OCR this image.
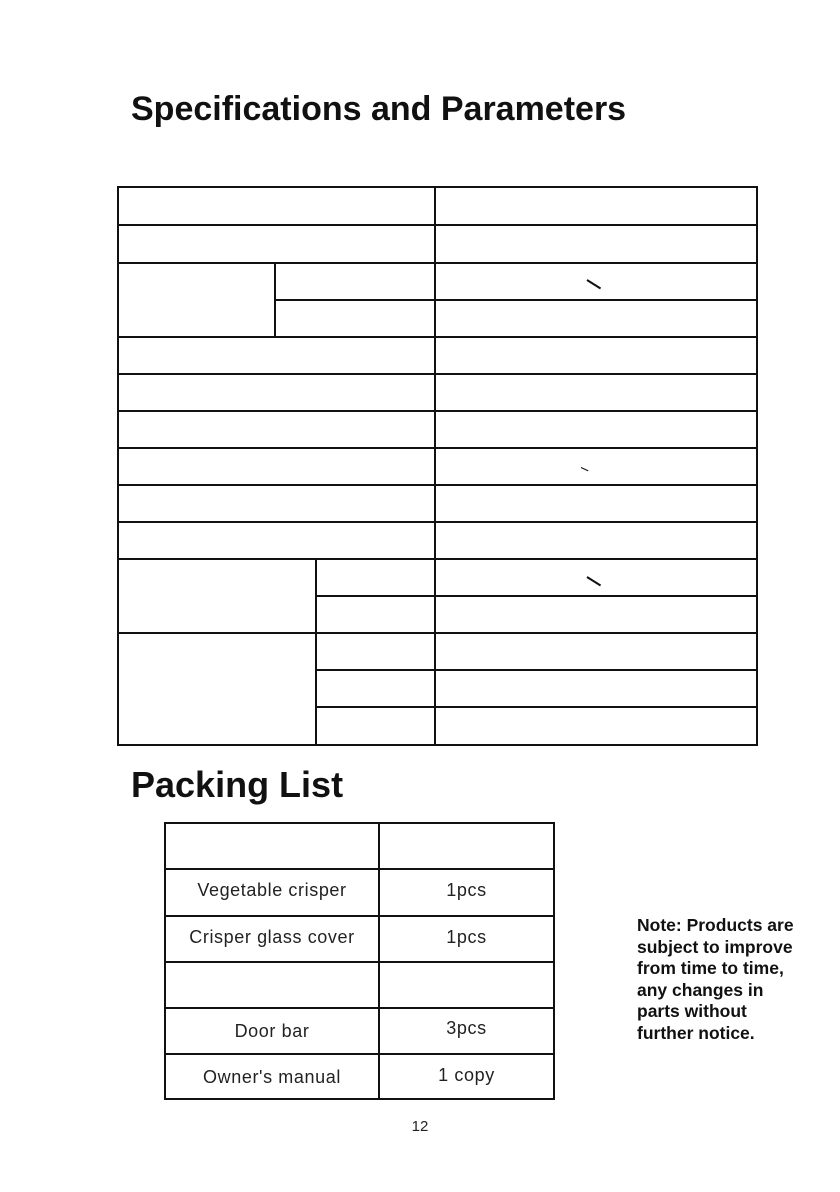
Specifications and Parameters
Packing List
Vegetable crisper	1pcs
Crisper glass cover	1pcs
Door bar	3pcs
Owner's manual	1 copy
Note: Products are
subject to improve
from time to time,
any changes in
parts without
further notice.
12
